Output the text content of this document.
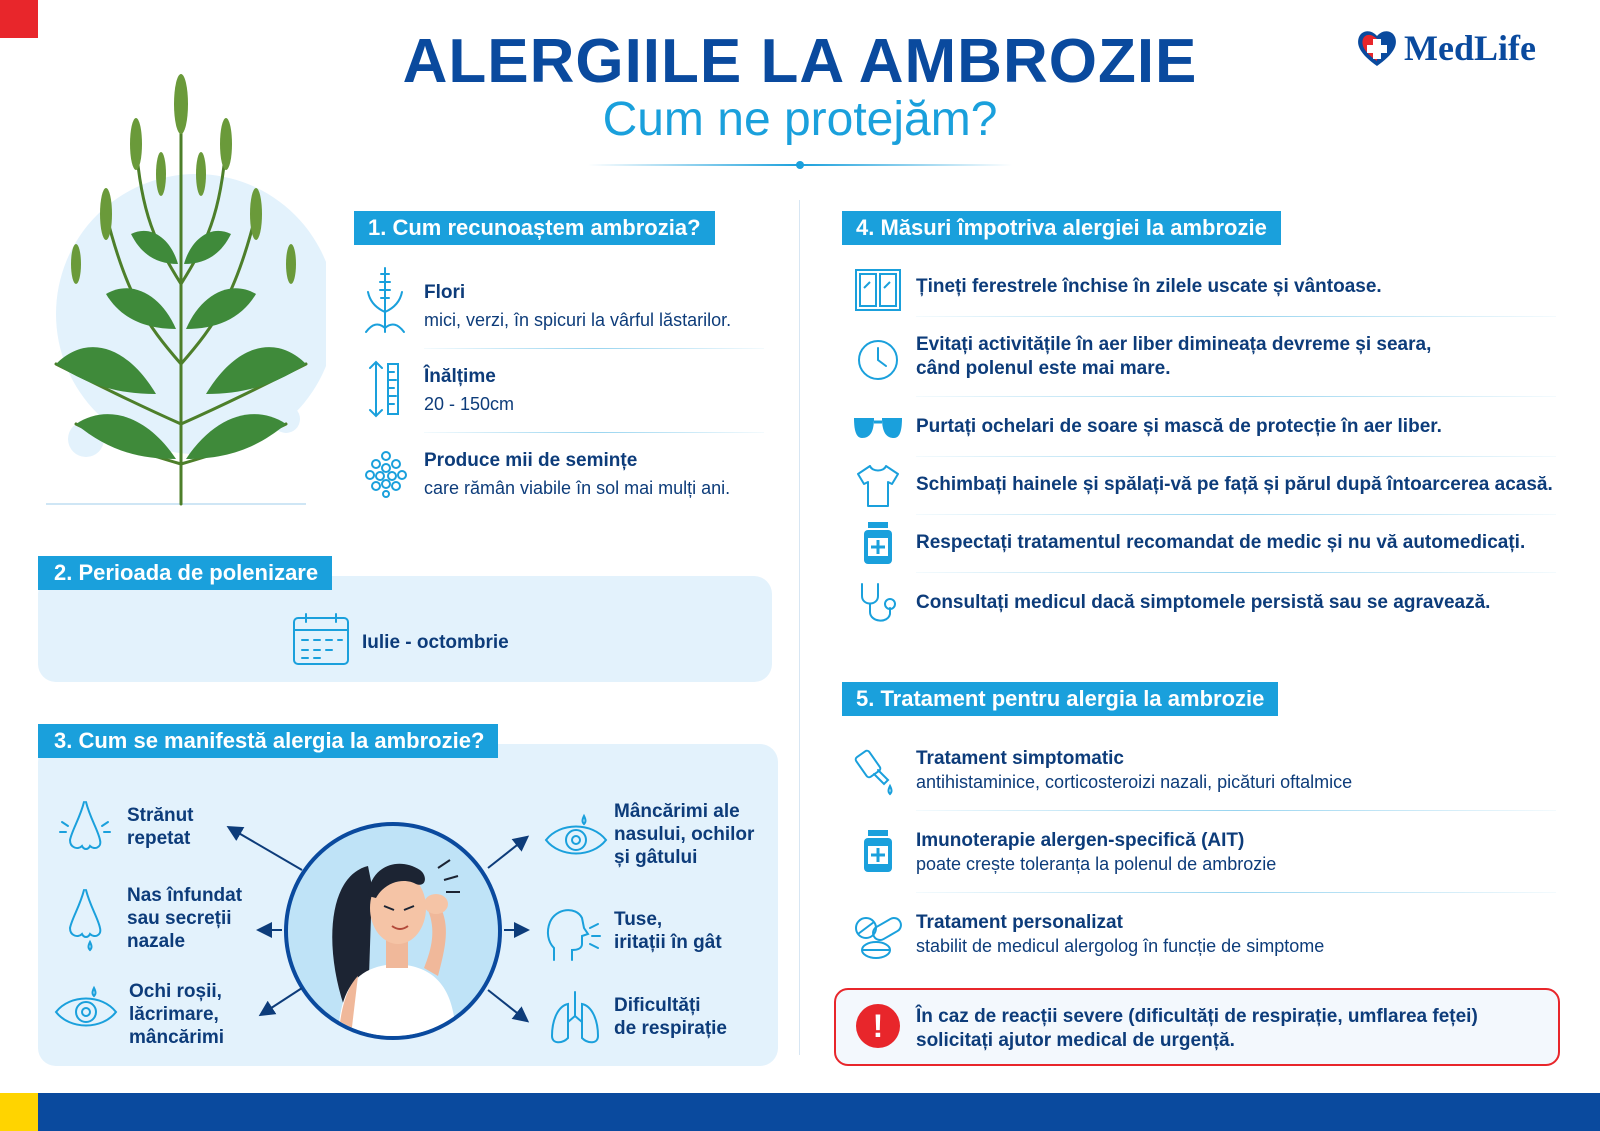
ALERGIILE LA AMBROZIE
Cum ne protejăm?
MedLife
1. Cum recunoaștem ambrozia?
Flori
mici, verzi, în spicuri la vârful lăstarilor.
Înălțime
20 - 150cm
Produce mii de semințe
care rămân viabile în sol mai mulți ani.
2. Perioada de polenizare
Iulie - octombrie
3. Cum se manifestă alergia la ambrozie?
Strănut
repetat
Nas înfundat
sau secreții
nazale
Ochi roșii,
lăcrimare,
mâncărimi
Mâncărimi ale
nasului, ochilor
și gâtului
Tuse,
iritații în gât
Dificultăți
de respirație
4. Măsuri împotriva alergiei la ambrozie
Țineți ferestrele închise în zilele uscate și vântoase.
Evitați activitățile în aer liber dimineața devreme și seara,
când polenul este mai mare.
Purtați ochelari de soare și mască de protecție în aer liber.
Schimbați hainele și spălați-vă pe față și părul după întoarcerea acasă.
Respectați tratamentul recomandat de medic și nu vă automedicați.
Consultați medicul dacă simptomele persistă sau se agravează.
5. Tratament pentru alergia la ambrozie
Tratament simptomatic
antihistaminice, corticosteroizi nazali, picături oftalmice
Imunoterapie alergen-specifică (AIT)
poate crește toleranța la polenul de ambrozie
Tratament personalizat
stabilit de medicul alergolog în funcție de simptome
!	În caz de reacții severe (dificultăți de respirație, umflarea feței)
solicitați ajutor medical de urgență.
